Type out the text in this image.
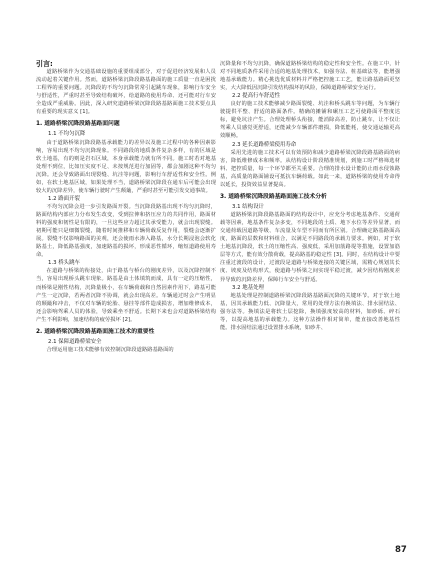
引言:

道路桥梁作为交通基础设施的重要组成部分，对于促进经济发展和人员流动起着关键作用。然而，道路桥梁沉降段路基路面的施工质量一直是困扰工程界的重要问题。沉降段的不均匀沉降常常引起跳车现象，影响行车安全与舒适性，严重时甚至导致结构破坏，给道路的使用寿命、还可能对行车安全造成严重威胁。因此，深入研究道路桥梁沉降段路基路面施工技术要点具有重要的现实意义 [1]。

1. 道路桥梁沉降段路基路面问题
1.1 不均匀沉降

由于道路桥梁沉降段路基承载能力的差异以及施工过程中的各种因素影响，容易出现不均匀沉降现象。不同路段的地质条件复杂多样，有的区域是软土地基，有的则是岩石区域，本身承载能力就有所不同。施工时若对地基处理不到位，比如压实度不足、未按规范进行加固等，都会加剧这种不均匀沉降。还会导致路面出现裂缝、坑洼等问题，影响行车舒适性和安全性。例如，在软土地基区域，如果处理不当，道路桥梁沉降段在通车后可能会出现较大的沉降差异，使车辆行驶时产生颠簸，严重时甚至可能引发交通事故。

1.2 路面开裂

不均匀沉降会进一步引发路面开裂。当沉降段路基出现不均匀沉降时，路面结构内部应力分布发生改变，受到拉伸和挤压应力的共同作用，路面材料的强度和韧性是有限的，一旦这些应力超过其承受能力，就会出现裂缝。初期可能只是细微裂缝，随着时间推移和车辆荷载反复作用，裂缝会逐渐扩展。裂缝不仅影响路面的美观，还会使雨水渗入路基，水分长期浸泡会软化路基土，降低路基强度，加速路基的损坏，形成恶性循环，缩短道路使用寿命。

1.3 桥头跳车

在道路与桥梁的衔接处，由于路基与桥台的刚度差异，以及沉降控制不当，容易出现桥头跳车现象。路基是由土体填筑而成，具有一定的压缩性，而桥梁是刚性结构，沉降量极小，在车辆荷载和自然因素作用下，路基可能产生一定沉降，若两者沉降不协调，就会出现高差。车辆通过时会产生明显的颠簸和冲击，不仅对车辆的轮胎、悬挂等部件造成损害，增加维修成本，还会影响驾乘人员的体验，导致乘坐不舒适。长期下来也会对道路桥梁结构产生不利影响，加速结构的疲劳损坏 [2]。

2. 道路桥梁沉降段路基路面施工技术的重要性
2.1 保障道路桥梁安全

合理运用施工技术能够有效控制沉降段道路路基路面的

沉降量和不均匀沉降，确保道路桥梁结构的稳定性和安全性。在施工中，针对不同地质条件采用合适的地基处理技术，如强夯法、桩基础法等，能增强地基承载能力。精心挑选优质材料并严格把控施工工艺，能让路基路面更坚实，大大降低因沉降引发结构损坏的风险，保障道路桥梁安全运行。

2.2 提高行车舒适性

良好的施工技术能够减少路面裂缝、坑洼和桥头跳车等问题，为车辆行驶提供平整、舒适的路面条件。精确的摊铺和碾压工艺可使路面平整度达标，避免坑洼产生。合理处理桥头衔接，能消除高差，防止跳车，让不仅让驾乘人员感觉更舒适，还能减少车辆部件磨损，降低能耗，使交通运输更高效顺畅。

2.3 延长道路桥梁使用寿命

采用先进的施工技术可以有效预防和减少道路桥梁沉降段路基路面的病害，降低维修成本和频率。从结构设计阶段精准规划，到施工时严格筛选材料、把控质量，每一个环节都至关重要。合理的排水设计能防止雨水侵蚀路基，高质量的路面铺设可抵抗车辆荷载。如此一来，道路桥梁的使用寿命得以延长，投资效益显著提高。

3. 道路桥梁沉降段路基路面施工技术分析
3.1 结构设计

道路桥梁沉降段路基路面的结构设计中，应充分考虑地基条件、交通荷载等因素，地基条件复杂多变，不同地段的土质、地下水位等差异显著，而交通荷载因道路等级、车流量及车型不同而有所区别。合理确定路基路面高度，路面的层数和材料组合，以满足不同路段的承载力要求。例如，对于软土地基沉降段，软土的压缩性高、强度低，采用加筋路堤等措施，设置加筋层等方式，能有效分散荷载，提高路基的稳定性 [3]。同时，在结构设计中要注重过渡段的设计，过渡段是道路与桥梁连接的关键区域，需精心规划其长度、坡度及结构形式，使道路与桥梁之间实现平稳过渡，减少因结构刚度差异导致的沉降差异，保障行车安全与舒适。

3.2 地基处理

地基处理是控制道路桥梁沉降段路基路面沉降的关键环节。对于软土地基，因其承载能力低、沉降量大，常用的处理方法有换填法、排水固结法、强夯法等。换填法是将软土层挖除，换填强度较高的材料，如砂砾、碎石等，以提高地基的承载能力。这种方法操作相对简单，能直接改善地基性能。排水固结法通过设置排水系统，如砂井、

87
